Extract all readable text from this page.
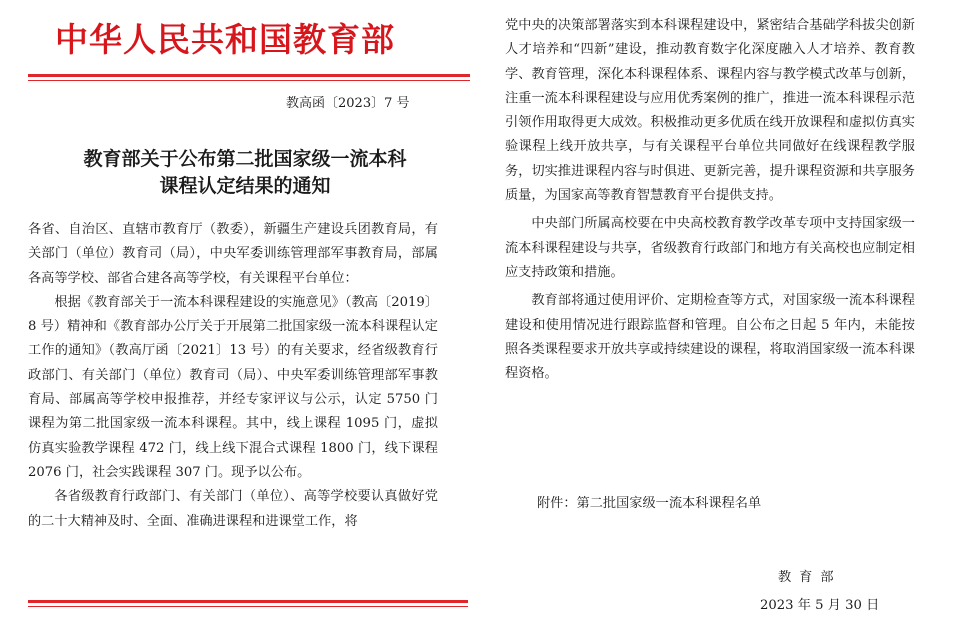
中华人民共和国教育部
教高函〔2023〕7 号
教育部关于公布第二批国家级一流本科
课程认定结果的通知

各省、自治区、直辖市教育厅（教委），新疆生产建设兵团教育局，有关部门（单位）教育司（局），中央军委训练管理部军事教育局，部属各高等学校、部省合建各高等学校，有关课程平台单位：

根据《教育部关于一流本科课程建设的实施意见》（教高〔2019〕8 号）精神和《教育部办公厅关于开展第二批国家级一流本科课程认定工作的通知》（教高厅函〔2021〕13 号）的有关要求，经省级教育行政部门、有关部门（单位）教育司（局）、中央军委训练管理部军事教育局、部属高等学校申报推荐，并经专家评议与公示，认定 5750 门课程为第二批国家级一流本科课程。其中，线上课程 1095 门，虚拟仿真实验教学课程 472 门，线上线下混合式课程 1800 门，线下课程 2076 门，社会实践课程 307 门。现予以公布。

各省级教育行政部门、有关部门（单位）、高等学校要认真做好党的二十大精神及时、全面、准确进课程和进课堂工作，将

党中央的决策部署落实到本科课程建设中，紧密结合基础学科拔尖创新人才培养和“四新”建设，推动教育数字化深度融入人才培养、教育教学、教育管理，深化本科课程体系、课程内容与教学模式改革与创新，注重一流本科课程建设与应用优秀案例的推广，推进一流本科课程示范引领作用取得更大成效。积极推动更多优质在线开放课程和虚拟仿真实验课程上线开放共享，与有关课程平台单位共同做好在线课程教学服务，切实推进课程内容与时俱进、更新完善，提升课程资源和共享服务质量，为国家高等教育智慧教育平台提供支持。

中央部门所属高校要在中央高校教育教学改革专项中支持国家级一流本科课程建设与共享，省级教育行政部门和地方有关高校也应制定相应支持政策和措施。

教育部将通过使用评价、定期检查等方式，对国家级一流本科课程建设和使用情况进行跟踪监督和管理。自公布之日起 5 年内，未能按照各类课程要求开放共享或持续建设的课程，将取消国家级一流本科课程资格。

附件：第二批国家级一流本科课程名单
教育部
2023 年 5 月 30 日
